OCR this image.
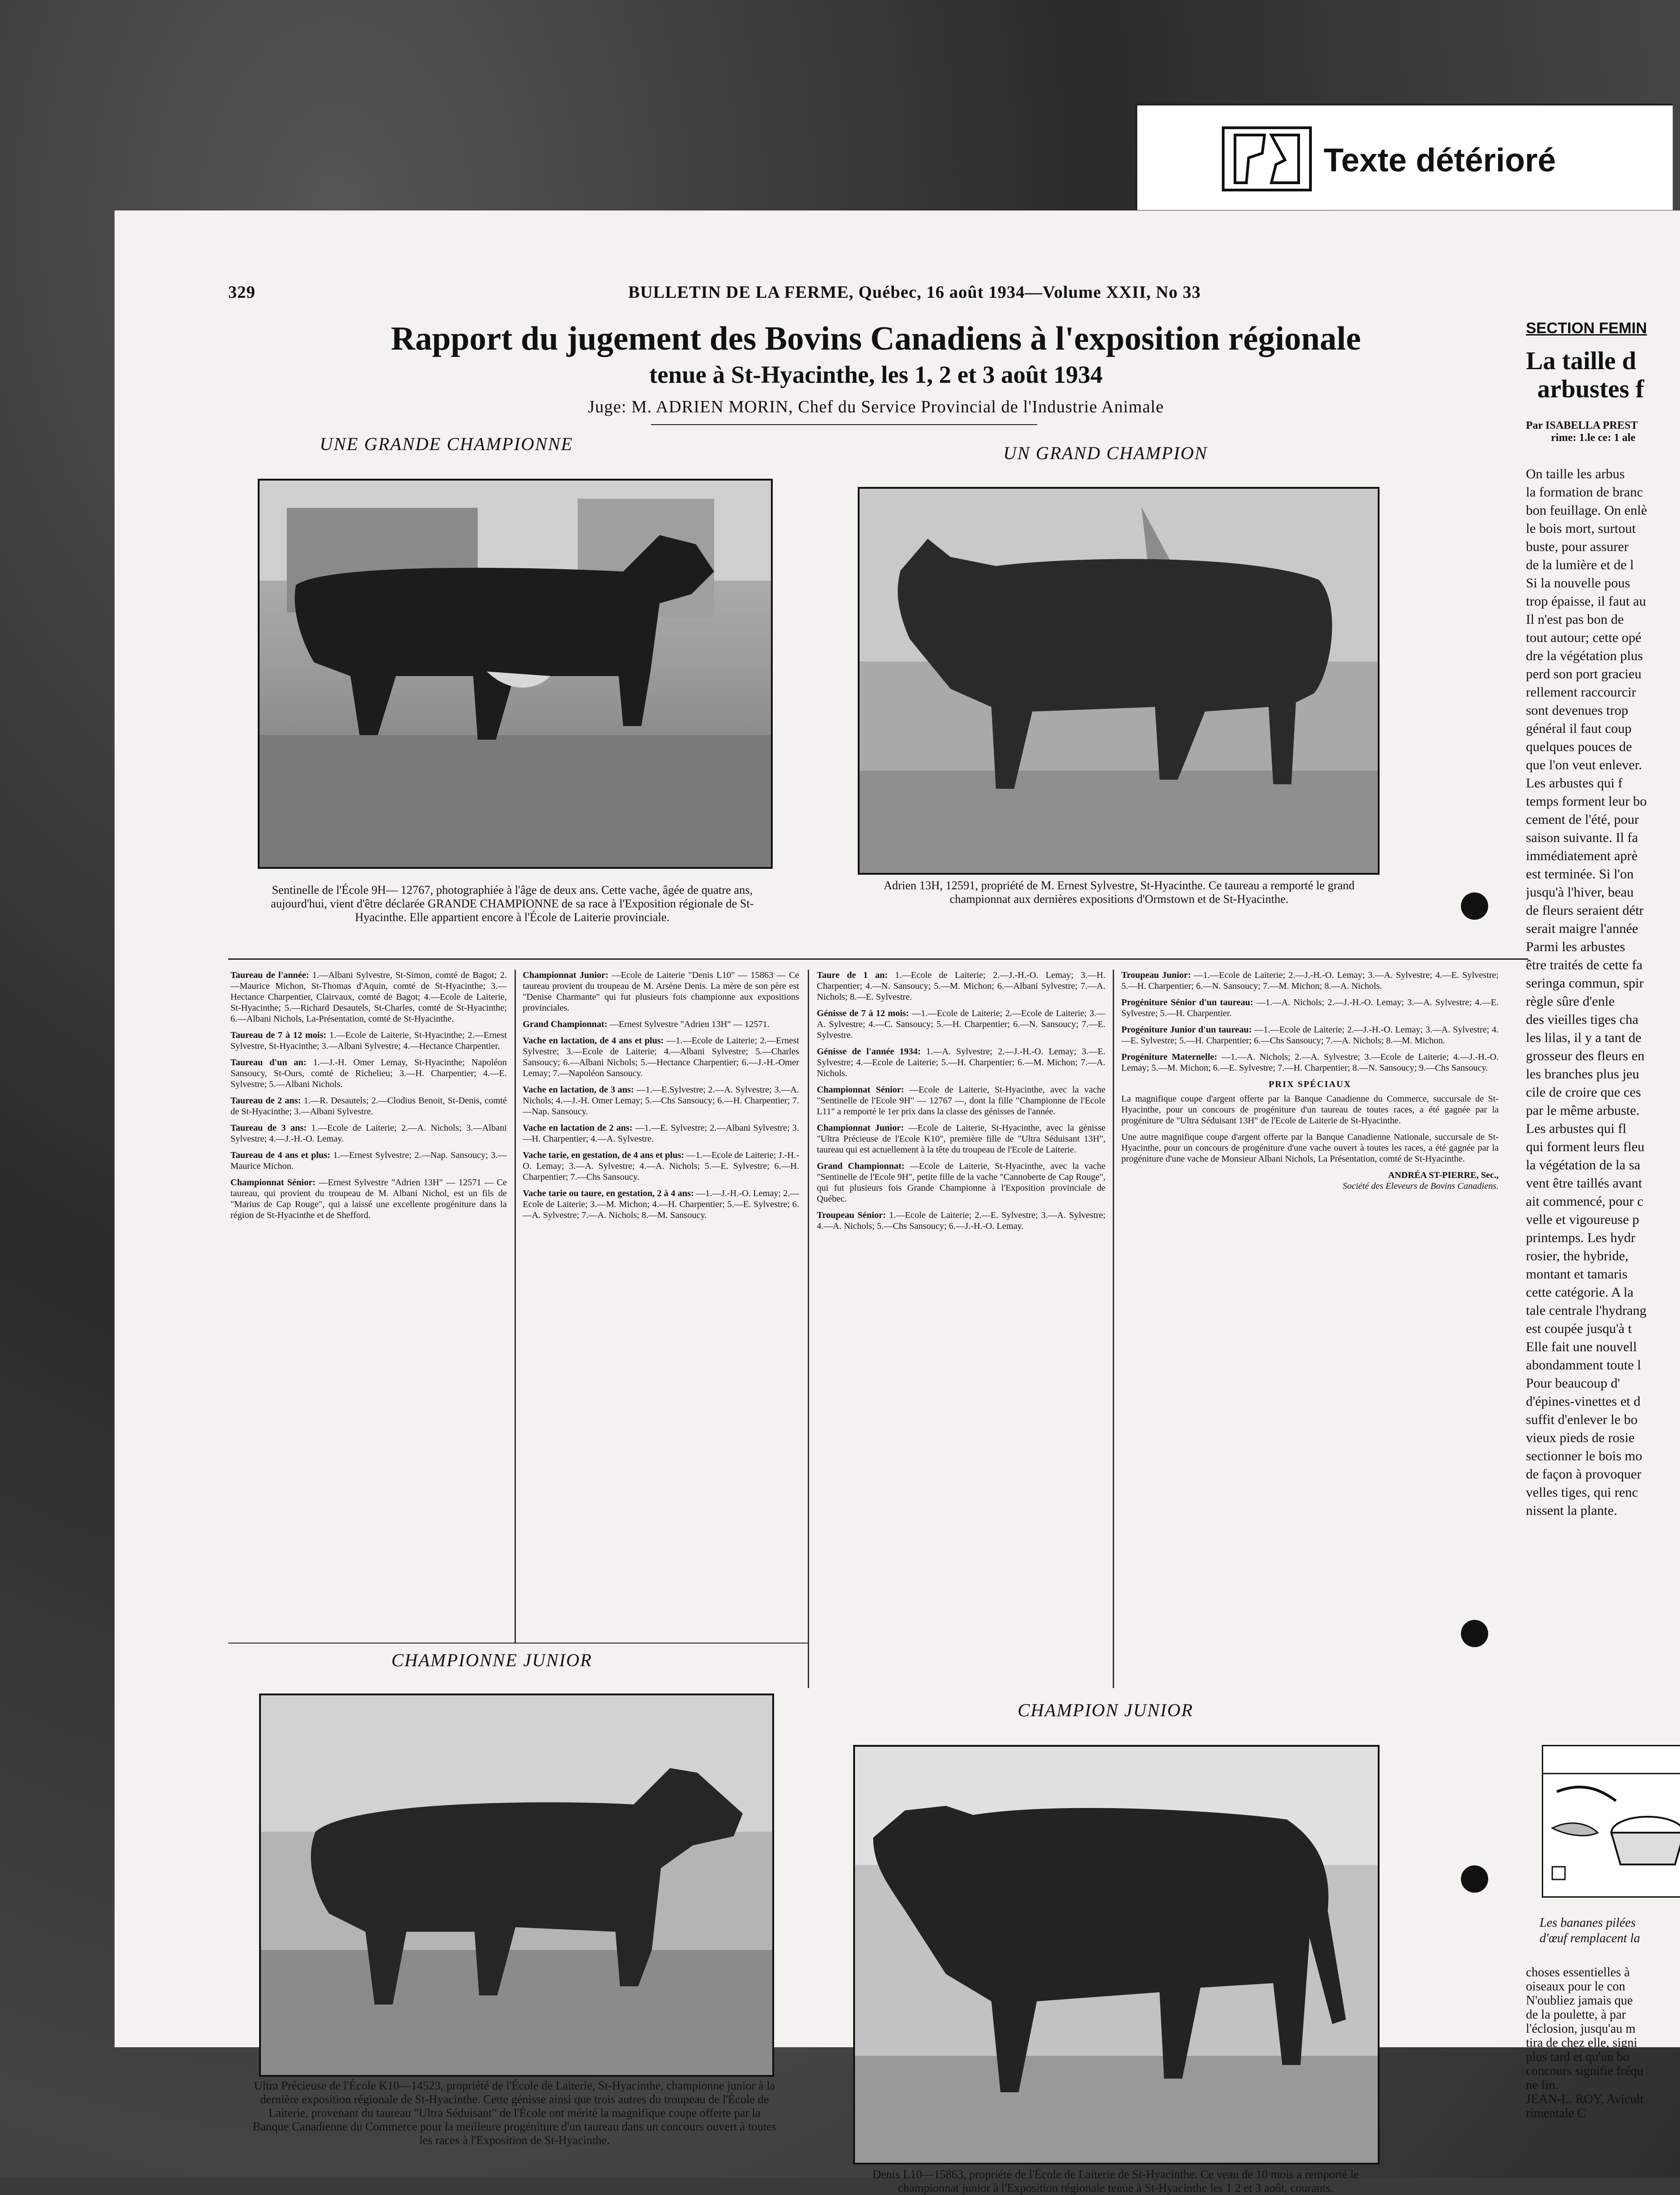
Texte détérioré
329	BULLETIN DE LA FERME, Québec, 16 août 1934—Volume XXII, No 33
Rapport du jugement des Bovins Canadiens à l'exposition régionale
tenue à St-Hyacinthe, les 1, 2 et 3 août 1934
Juge: M. ADRIEN MORIN, Chef du Service Provincial de l'Industrie Animale
UNE GRANDE CHAMPIONNE
Sentinelle de l'École 9H— 12767, photographiée à l'âge de deux ans. Cette vache, âgée de quatre ans, aujourd'hui, vient d'être déclarée GRANDE CHAMPIONNE de sa race à l'Exposition régionale de St-Hyacinthe. Elle appartient encore à l'École de Laiterie provinciale.
UN GRAND CHAMPION
Adrien 13H, 12591, propriété de M. Ernest Sylvestre, St-Hyacinthe. Ce taureau a remporté le grand championnat aux dernières expositions d'Ormstown et de St-Hyacinthe.

Taureau de l'année: 1.—Albani Sylvestre, St-Simon, comté de Bagot; 2.—Maurice Michon, St-Thomas d'Aquin, comté de St-Hyacinthe; 3.—Hectance Charpentier, Clairvaux, comté de Bagot; 4.—Ecole de Laiterie, St-Hyacinthe; 5.—Richard Desautels, St-Charles, comté de St-Hyacinthe; 6.—Albani Nichols, La-Présentation, comté de St-Hyacinthe.

Taureau de 7 à 12 mois: 1.—Ecole de Laiterie, St-Hyacinthe; 2.—Ernest Sylvestre, St-Hyacinthe; 3.—Albani Sylvestre; 4.—Hectance Charpentier.

Taureau d'un an: 1.—J.-H. Omer Lemay, St-Hyacinthe; Napoléon Sansoucy, St-Ours, comté de Richelieu; 3.—H. Charpentier; 4.—E. Sylvestre; 5.—Albani Nichols.

Taureau de 2 ans: 1.—R. Desautels; 2.—Clodius Benoit, St-Denis, comté de St-Hyacinthe; 3.—Albani Sylvestre.

Taureau de 3 ans: 1.—Ecole de Laiterie; 2.—A. Nichols; 3.—Albani Sylvestre; 4.—J.-H.-O. Lemay.

Taureau de 4 ans et plus: 1.—Ernest Sylvestre; 2.—Nap. Sansoucy; 3.—Maurice Michon.

Championnat Sénior: —Ernest Sylvestre "Adrien 13H" — 12571 — Ce taureau, qui provient du troupeau de M. Albani Nichol, est un fils de "Marius de Cap Rouge", qui a laissé une excellente progéniture dans la région de St-Hyacinthe et de Shefford.

Championnat Junior: —Ecole de Laiterie "Denis L10" — 15863 — Ce taureau provient du troupeau de M. Arsène Denis. La mère de son père est "Denise Charmante" qui fut plusieurs fois championne aux expositions provinciales.

Grand Championnat: —Ernest Sylvestre "Adrien 13H" — 12571.

Vache en lactation, de 4 ans et plus: —1.—Ecole de Laiterie; 2.—Ernest Sylvestre; 3.—Ecole de Laiterie; 4.—Albani Sylvestre; 5.—Charles Sansoucy; 6.—Albani Nichols; 5.—Hectance Charpentier; 6.—J.-H.-Omer Lemay; 7.—Napoléon Sansoucy.

Vache en lactation, de 3 ans: —1.—E.Sylvestre; 2.—A. Sylvestre; 3.—A. Nichols; 4.—J.-H. Omer Lemay; 5.—Chs Sansoucy; 6.—H. Charpentier; 7.—Nap. Sansoucy.

Vache en lactation de 2 ans: —1.—E. Sylvestre; 2.—Albani Sylvestre; 3.—H. Charpentier; 4.—A. Sylvestre.

Vache tarie, en gestation, de 4 ans et plus: —1.—Ecole de Laiterie; J.-H.-O. Lemay; 3.—A. Sylvestre; 4.—A. Nichols; 5.—E. Sylvestre; 6.—H. Charpentier; 7.—Chs Sansoucy.

Vache tarie ou taure, en gestation, 2 à 4 ans: —1.—J.-H.-O. Lemay; 2.—Ecole de Laiterie; 3.—M. Michon; 4.—H. Charpentier; 5.—E. Sylvestre; 6.—A. Sylvestre; 7.—A. Nichols; 8.—M. Sansoucy.

Taure de 1 an: 1.—Ecole de Laiterie; 2.—J.-H.-O. Lemay; 3.—H. Charpentier; 4.—N. Sansoucy; 5.—M. Michon; 6.—Albani Sylvestre; 7.—A. Nichols; 8.—E. Sylvestre.

Génisse de 7 à 12 mois: —1.—Ecole de Laiterie; 2.—Ecole de Laiterie; 3.—A. Sylvestre; 4.—C. Sansoucy; 5.—H. Charpentier; 6.—N. Sansoucy; 7.—E. Sylvestre.

Génisse de l'année 1934: 1.—A. Sylvestre; 2.—J.-H.-O. Lemay; 3.—E. Sylvestre; 4.—Ecole de Laiterie; 5.—H. Charpentier; 6.—M. Michon; 7.—A. Nichols.

Championnat Sénior: —Ecole de Laiterie, St-Hyacinthe, avec la vache "Sentinelle de l'Ecole 9H" — 12767 —, dont la fille "Championne de l'Ecole L11" a remporté le 1er prix dans la classe des génisses de l'année.

Championnat Junior: —Ecole de Laiterie, St-Hyacinthe, avec la génisse "Ultra Précieuse de l'Ecole K10", première fille de "Ultra Séduisant 13H", taureau qui est actuellement à la tête du troupeau de l'Ecole de Laiterie.

Grand Championnat: —Ecole de Laiterie, St-Hyacinthe, avec la vache "Sentinelle de l'Ecole 9H", petite fille de la vache "Cannoberte de Cap Rouge", qui fut plusieurs fois Grande Championne à l'Exposition provinciale de Québec.

Troupeau Sénior: 1.—Ecole de Laiterie; 2.—E. Sylvestre; 3.—A. Sylvestre; 4.—A. Nichols; 5.—Chs Sansoucy; 6.—J.-H.-O. Lemay.

Troupeau Junior: —1.—Ecole de Laiterie; 2.—J.-H.-O. Lemay; 3.—A. Sylvestre; 4.—E. Sylvestre; 5.—H. Charpentier; 6.—N. Sansoucy; 7.—M. Michon; 8.—A. Nichols.

Progéniture Sénior d'un taureau: —1.—A. Nichols; 2.—J.-H.-O. Lemay; 3.—A. Sylvestre; 4.—E. Sylvestre; 5.—H. Charpentier.

Progéniture Junior d'un taureau: —1.—Ecole de Laiterie; 2.—J.-H.-O. Lemay; 3.—A. Sylvestre; 4.—E. Sylvestre; 5.—H. Charpentier; 6.—Chs Sansoucy; 7.—A. Nichols; 8.—M. Michon.

Progéniture Maternelle: —1.—A. Nichols; 2.—A. Sylvestre; 3.—Ecole de Laiterie; 4.—J.-H.-O. Lemay; 5.—M. Michon; 6.—E. Sylvestre; 7.—H. Charpentier; 8.—N. Sansoucy; 9.—Chs Sansoucy.

PRIX SPÉCIAUX

La magnifique coupe d'argent offerte par la Banque Canadienne du Commerce, succursale de St-Hyacinthe, pour un concours de progéniture d'un taureau de toutes races, a été gagnée par la progéniture de "Ultra Séduisant 13H" de l'Ecole de Laiterie de St-Hyacinthe.

Une autre magnifique coupe d'argent offerte par la Banque Canadienne Nationale, succursale de St-Hyacinthe, pour un concours de progéniture d'une vache ouvert à toutes les races, a été gagnée par la progéniture d'une vache de Monsieur Albani Nichols, La Présentation, comté de St-Hyacinthe.

ANDRÉA ST-PIERRE, Sec.,
Société des Eleveurs de Bovins Canadiens.
CHAMPIONNE JUNIOR
Ultra Précieuse de l'École K10—14523, propriété de l'École de Laiterie, St-Hyacinthe, championne junior à la dernière exposition régionale de St-Hyacinthe. Cette génisse ainsi que trois autres du troupeau de l'École de Laiterie, provenant du taureau "Ultra Séduisant" de l'École ont mérité la magnifique coupe offerte par la Banque Canadienne du Commerce pour la meilleure progéniture d'un taureau dans un concours ouvert à toutes les races à l'Exposition de St-Hyacinthe.
CHAMPION JUNIOR
Denis L10—15863, propriété de l'École de Laiterie de St-Hyacinthe. Ce veau de 10 mois a remporté le championnat junior à l'Exposition régionale tenue à St-Hyacinthe les 1 2 et 3 août, courants.
SECTION FEMIN
La taille d
arbustes f
Par ISABELLA PREST
rime: 1.le ce: 1 ale
On taille les arbus
la formation de branc
bon feuillage. On enlè
le bois mort, surtout
buste, pour assurer
de la lumière et de l
Si la nouvelle pous
trop épaisse, il faut au
Il n'est pas bon de
tout autour; cette opé
dre la végétation plus
perd son port gracieu
rellement raccourcir
sont devenues trop
général il faut coup
quelques pouces de
que l'on veut enlever.
Les arbustes qui f
temps forment leur bo
cement de l'été, pour
saison suivante. Il fa
immédiatement aprè
est terminée. Si l'on
jusqu'à l'hiver, beau
de fleurs seraient détr
serait maigre l'année
Parmi les arbustes
être traités de cette fa
seringa commun, spir
règle sûre d'enle
des vieilles tiges cha
les lilas, il y a tant de
grosseur des fleurs en
les branches plus jeu
cile de croire que ces
par le même arbuste.
Les arbustes qui fl
qui forment leurs fleu
la végétation de la sa
vent être taillés avant
ait commencé, pour c
velle et vigoureuse p
printemps. Les hydr
rosier, the hybride,
montant et tamaris
cette catégorie. A la
tale centrale l'hydrang
est coupée jusqu'à t
Elle fait une nouvell
abondamment toute l
Pour beaucoup d'
d'épines-vinettes et d
suffit d'enlever le bo
vieux pieds de rosie
sectionner le bois mo
de façon à provoquer
velles tiges, qui renc
nissent la plante.
Les bananes pilées
d'œuf remplacent la
choses essentielles à
oiseaux pour le con
N'oubliez jamais que
de la poulette, à par
l'éclosion, jusqu'au m
tira de chez elle, signi
plus tard et qu'un bo
concours signifie fréqu
ne fin.
JEAN-L. ROY, Avicult
rimentale C
